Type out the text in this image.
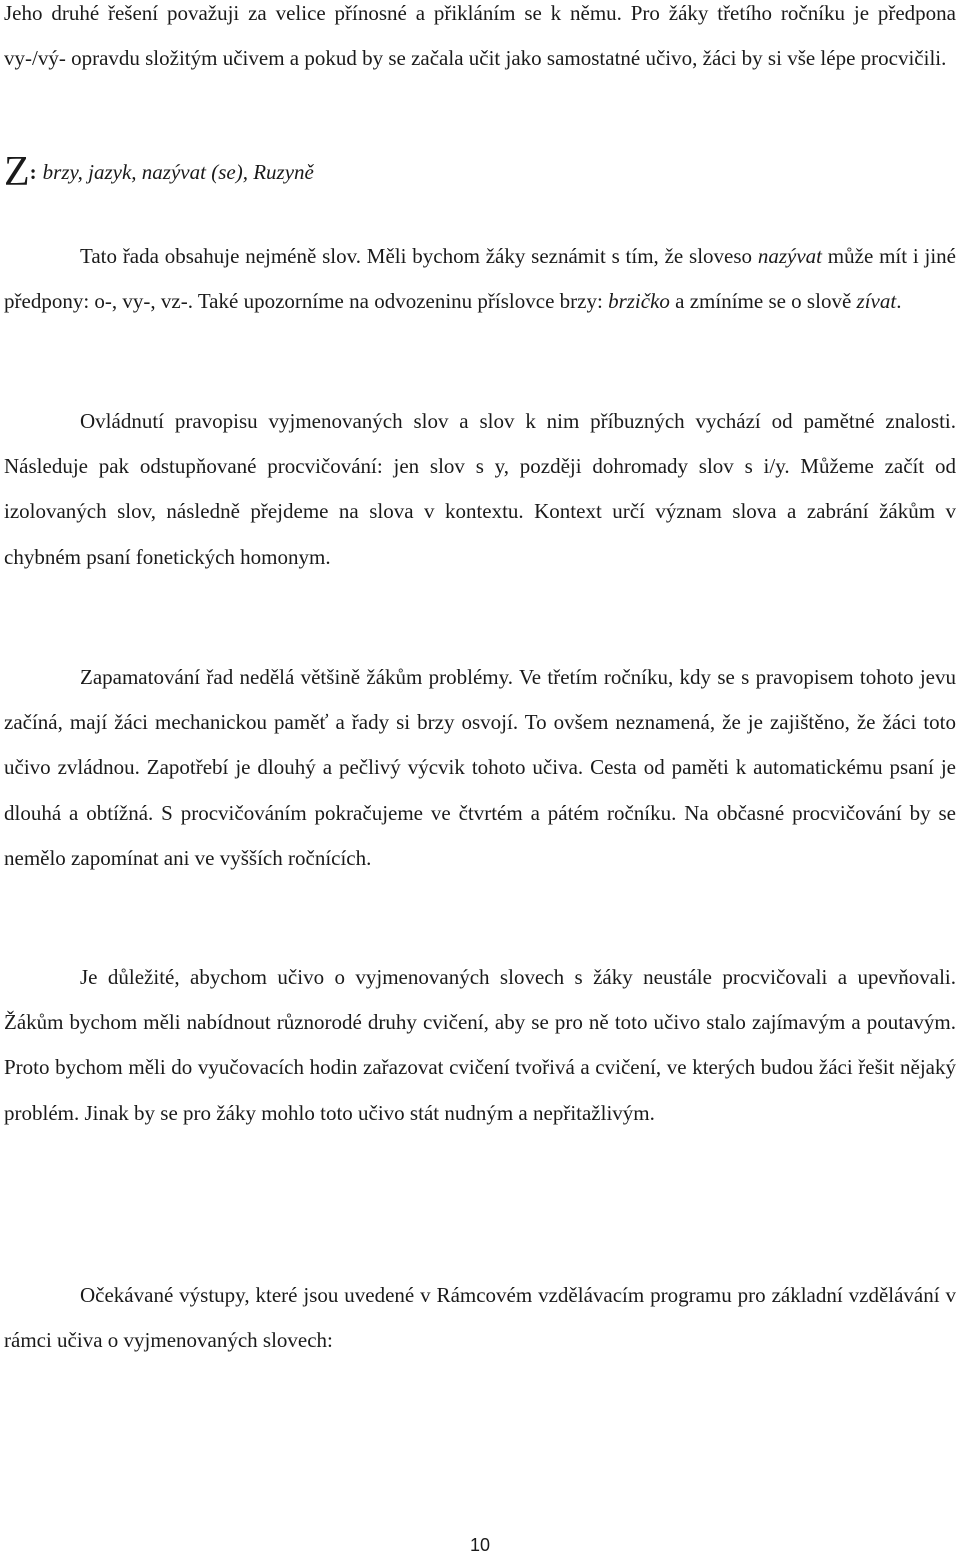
Jeho druhé řešení považuji za velice přínosné a přikláním se k němu. Pro žáky třetího ročníku je předpona vy-/vý- opravdu složitým učivem a pokud by se začala učit jako samostatné učivo, žáci by si vše lépe procvičili.

Z: brzy, jazyk, nazývat (se), Ruzyně

Tato řada obsahuje nejméně slov. Měli bychom žáky seznámit s tím, že sloveso nazývat může mít i jiné předpony: o-, vy-, vz-. Také upozorníme na odvozeninu příslovce brzy: brzičko a zmíníme se o slově zívat.

Ovládnutí pravopisu vyjmenovaných slov a slov k nim příbuzných vychází od pamětné znalosti. Následuje pak odstupňované procvičování: jen slov s y, později dohromady slov s i/y. Můžeme začít od izolovaných slov, následně přejdeme na slova v kontextu. Kontext určí význam slova a zabrání žákům v chybném psaní fonetických homonym.

Zapamatování řad nedělá většině žákům problémy. Ve třetím ročníku, kdy se s pravopisem tohoto jevu začíná, mají žáci mechanickou paměť a řady si brzy osvojí. To ovšem neznamená, že je zajištěno, že žáci toto učivo zvládnou. Zapotřebí je dlouhý a pečlivý výcvik tohoto učiva. Cesta od paměti k automatickému psaní je dlouhá a obtížná. S procvičováním pokračujeme ve čtvrtém a pátém ročníku. Na občasné procvičování by se nemělo zapomínat ani ve vyšších ročnících.

Je důležité, abychom učivo o vyjmenovaných slovech s žáky neustále procvičovali a upevňovali. Žákům bychom měli nabídnout různorodé druhy cvičení, aby se pro ně toto učivo stalo zajímavým a poutavým. Proto bychom měli do vyučovacích hodin zařazovat cvičení tvořivá a cvičení, ve kterých budou žáci řešit nějaký problém. Jinak by se pro žáky mohlo toto učivo stát nudným a nepřitažlivým.

Očekávané výstupy, které jsou uvedené v Rámcovém vzdělávacím programu pro základní vzdělávání v rámci učiva o vyjmenovaných slovech:

10
